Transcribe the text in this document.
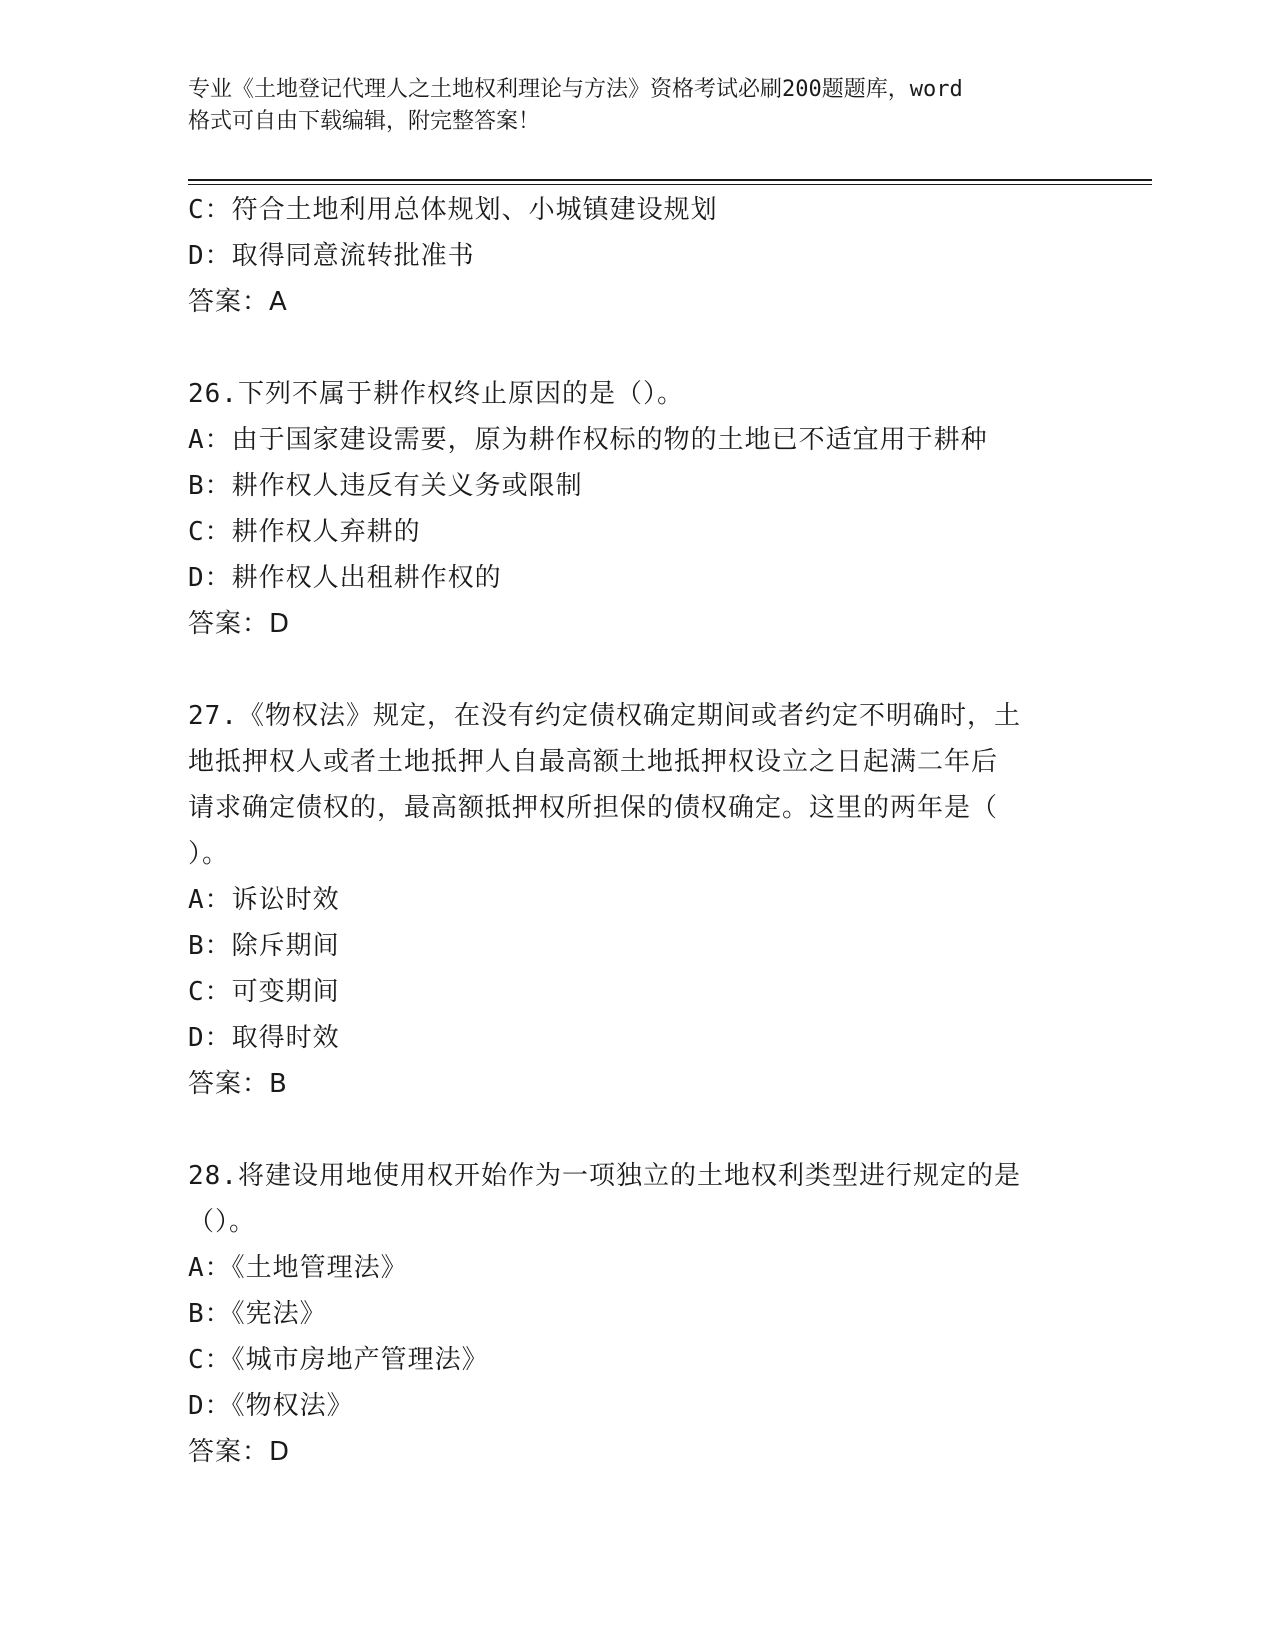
专业《土地登记代理人之土地权利理论与方法》资格考试必刷200题题库，word
格式可自由下载编辑，附完整答案！
C：符合土地利用总体规划、小城镇建设规划
D：取得同意流转批准书
答案：A
26.下列不属于耕作权终止原因的是（）。
A：由于国家建设需要，原为耕作权标的物的土地已不适宜用于耕种
B：耕作权人违反有关义务或限制
C：耕作权人弃耕的
D：耕作权人出租耕作权的
答案：D
27.《物权法》规定，在没有约定债权确定期间或者约定不明确时，土
地抵押权人或者土地抵押人自最高额土地抵押权设立之日起满二年后
请求确定债权的，最高额抵押权所担保的债权确定。这里的两年是（
）。
A：诉讼时效
B：除斥期间
C：可变期间
D：取得时效
答案：B
28.将建设用地使用权开始作为一项独立的土地权利类型进行规定的是
（）。
A：《土地管理法》
B：《宪法》
C：《城市房地产管理法》
D：《物权法》
答案：D
